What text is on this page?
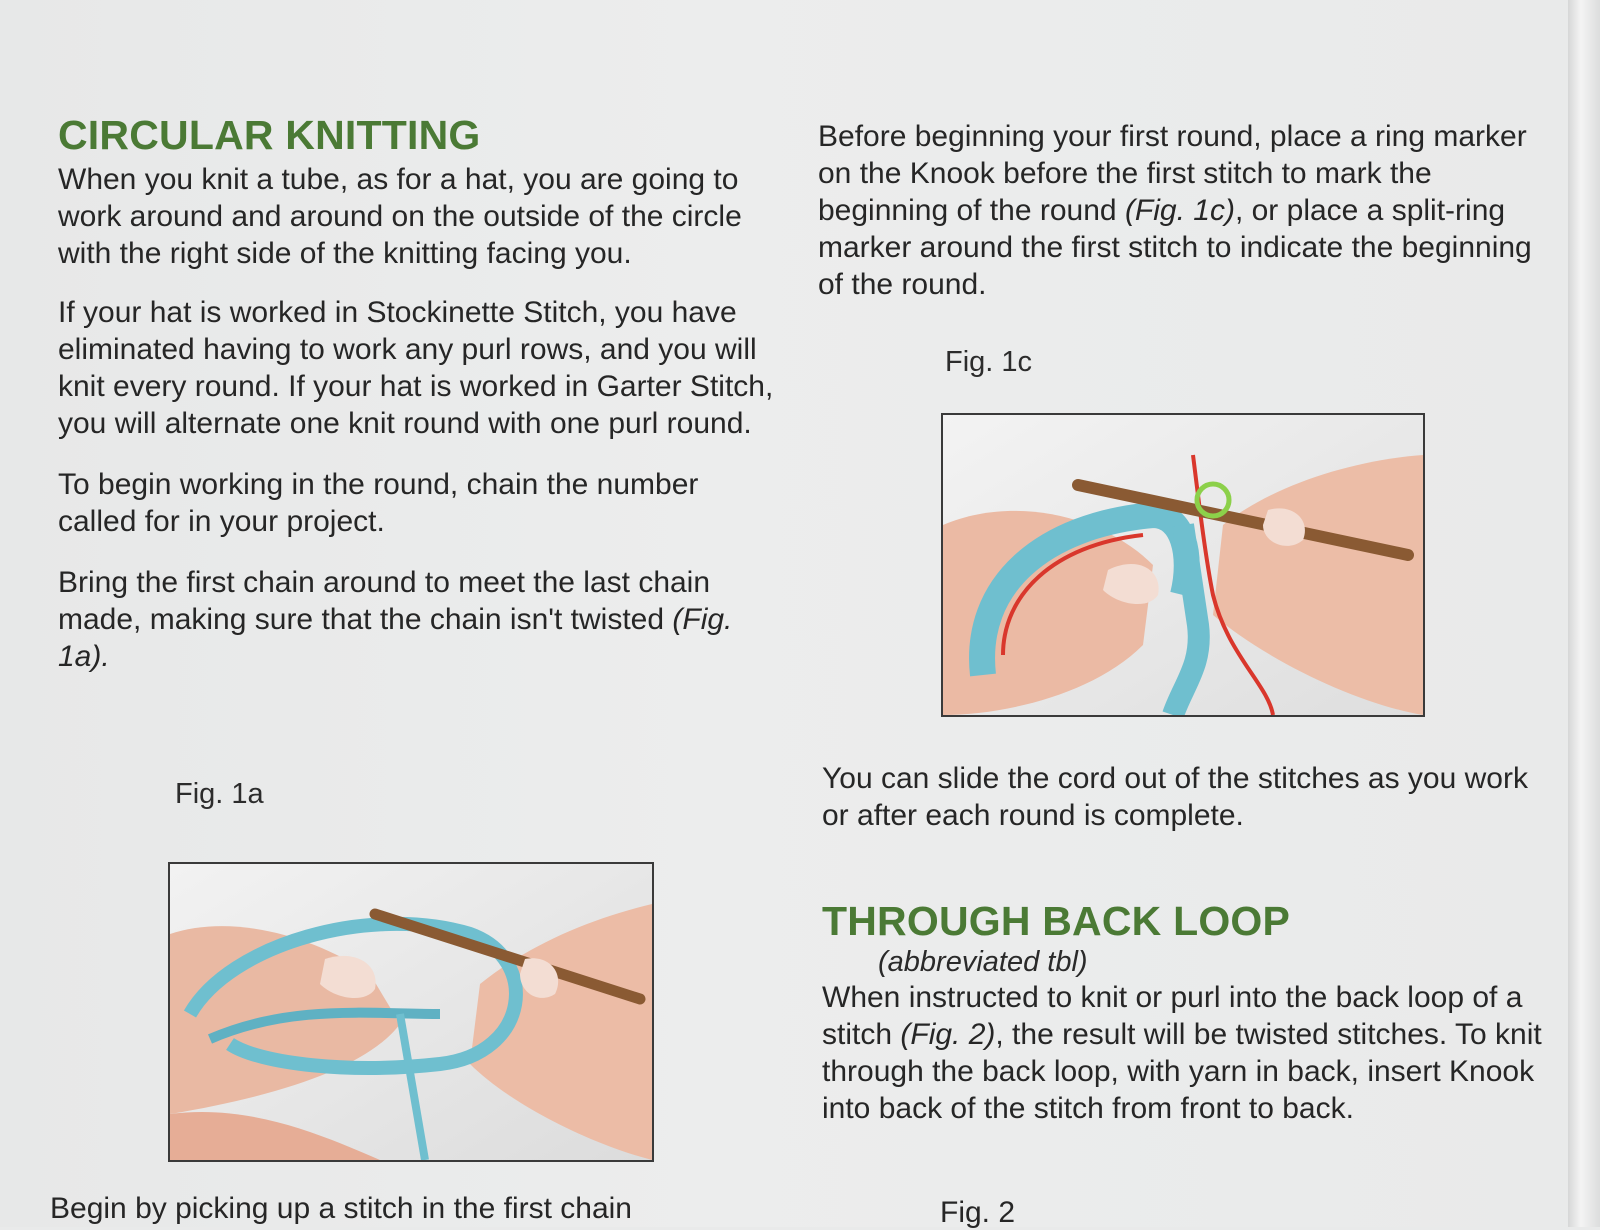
CIRCULAR KNITTING

When you knit a tube, as for a hat, you are going to work around and around on the outside of the circle with the right side of the knitting facing you.

If your hat is worked in Stockinette Stitch, you have eliminated having to work any purl rows, and you will knit every round. If your hat is worked in Garter Stitch, you will alternate one knit round with one purl round.

To begin working in the round, chain the number called for in your project.

Bring the first chain around to meet the last chain made, making sure that the chain isn't twisted (Fig. 1a).

Fig. 1a
Begin by picking up a stitch in the first chain

Before beginning your first round, place a ring marker on the Knook before the first stitch to mark the beginning of the round (Fig. 1c), or place a split-ring marker around the first stitch to indicate the beginning of the round.

Fig. 1c

You can slide the cord out of the stitches as you work or after each round is complete.

THROUGH BACK LOOP

(abbreviated tbl)

When instructed to knit or purl into the back loop of a stitch (Fig. 2), the result will be twisted stitches. To knit through the back loop, with yarn in back, insert Knook into back of the stitch from front to back.

Fig. 2
